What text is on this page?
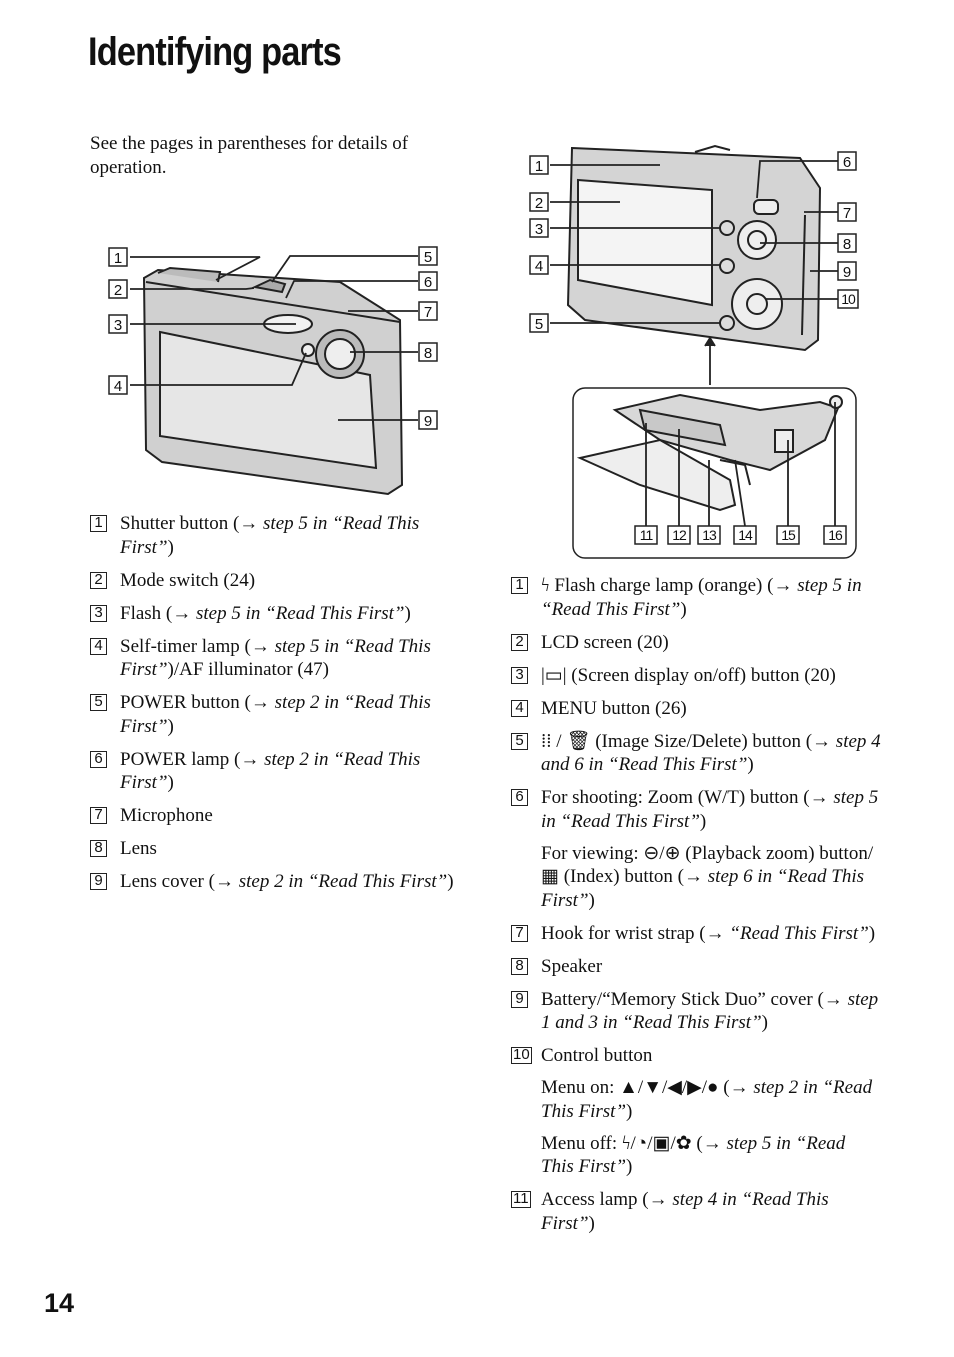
Identifying parts
See the pages in parentheses for details of operation.
1
2
3
4
5
6
7
8
9
1
2
3
4
5
6
7
8
9
10
11 12 13 14 15 16
1 Shutter button (→ step 5 in “Read This First”)
2 Mode switch (24)
3 Flash (→ step 5 in “Read This First”)
4 Self-timer lamp (→ step 5 in “Read This First”)/AF illuminator (47)
5 POWER button (→ step 2 in “Read This First”)
6 POWER lamp (→ step 2 in “Read This First”)
7 Microphone
8 Lens
9 Lens cover (→ step 2 in “Read This First”)
1 ϟ Flash charge lamp (orange) (→ step 5 in “Read This First”)
2 LCD screen (20)
3 |▭| (Screen display on/off) button (20)
4 MENU button (26)
5 ⁞⁞ / 🗑 (Image Size/Delete) button (→ step 4 and 6 in “Read This First”)
6 For shooting: Zoom (W/T) button (→ step 5 in “Read This First”)
For viewing: ⊖/⊕ (Playback zoom) button/▦ (Index) button (→ step 6 in “Read This First”)
7 Hook for wrist strap (→ “Read This First”)
8 Speaker
9 Battery/“Memory Stick Duo” cover (→ step 1 and 3 in “Read This First”)
10 Control button
Menu on: ▲/▼/◀/▶/● (→ step 2 in “Read This First”)
Menu off: ϟ/◔/▣/✿ (→ step 5 in “Read This First”)
11 Access lamp (→ step 4 in “Read This First”)
14
